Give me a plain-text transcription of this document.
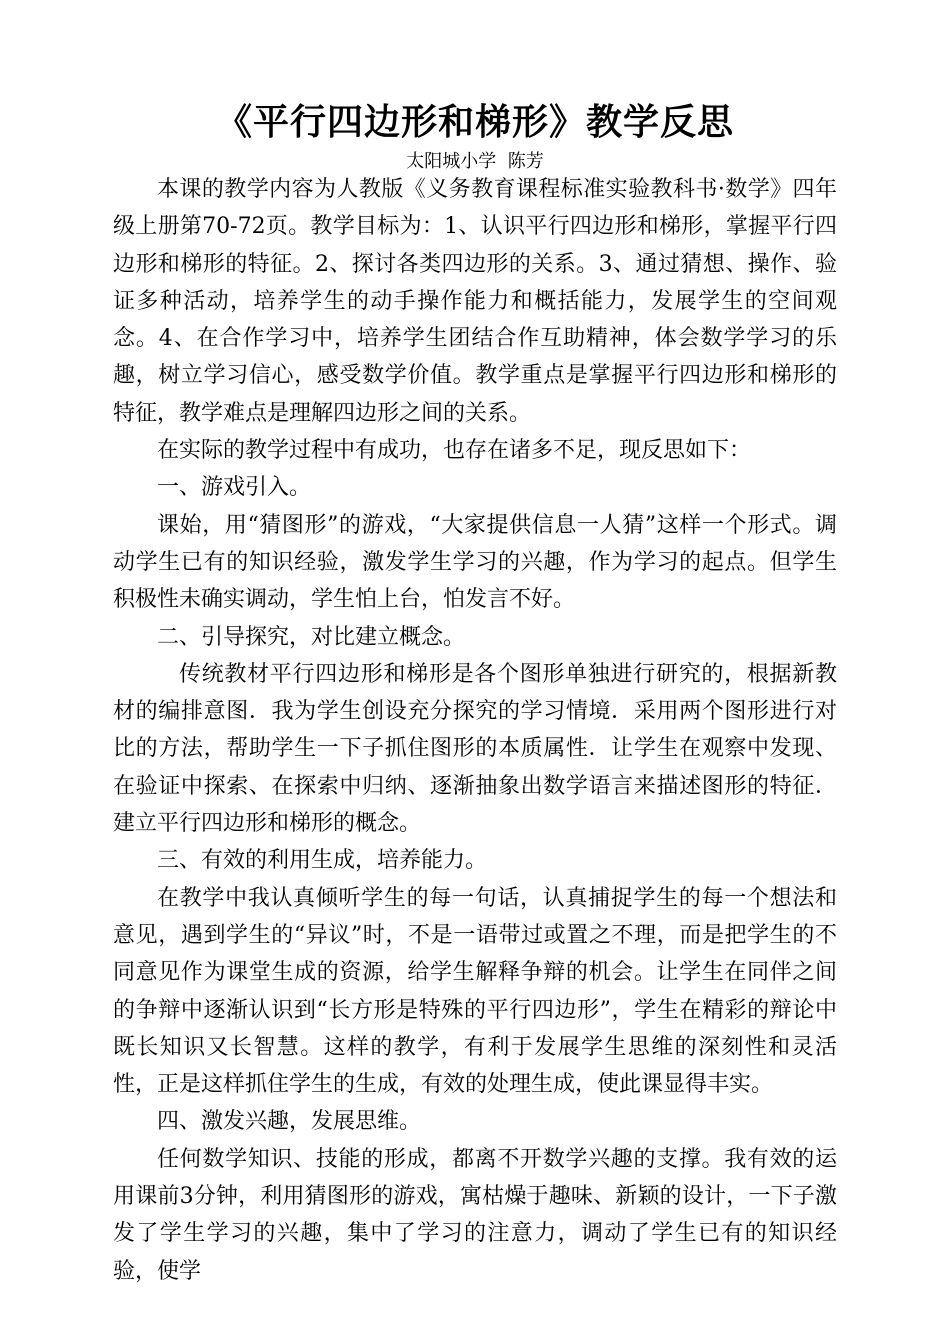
《平行四边形和梯形》教学反思
太阳城小学  陈芳

本课的教学内容为人教版《义务教育课程标准实验教科书·数学》四年级上册第70-72页。教学目标为：1、认识平行四边形和梯形，掌握平行四边形和梯形的特征。2、探讨各类四边形的关系。3、通过猜想、操作、验证多种活动，培养学生的动手操作能力和概括能力，发展学生的空间观念。4、在合作学习中，培养学生团结合作互助精神，体会数学学习的乐趣，树立学习信心，感受数学价值。教学重点是掌握平行四边形和梯形的特征，教学难点是理解四边形之间的关系。

在实际的教学过程中有成功，也存在诸多不足，现反思如下：

一、游戏引入。

课始，用“猜图形”的游戏，“大家提供信息一人猜”这样一个形式。调动学生已有的知识经验，激发学生学习的兴趣，作为学习的起点。但学生积极性未确实调动，学生怕上台，怕发言不好。

二、引导探究，对比建立概念。

传统教材平行四边形和梯形是各个图形单独进行研究的，根据新教材的编排意图．我为学生创设充分探究的学习情境．采用两个图形进行对比的方法，帮助学生一下子抓住图形的本质属性．让学生在观察中发现、在验证中探索、在探索中归纳、逐渐抽象出数学语言来描述图形的特征．建立平行四边形和梯形的概念。

三、有效的利用生成，培养能力。

在教学中我认真倾听学生的每一句话，认真捕捉学生的每一个想法和意见，遇到学生的“异议”时，不是一语带过或置之不理，而是把学生的不同意见作为课堂生成的资源，给学生解释争辩的机会。让学生在同伴之间的争辩中逐渐认识到“长方形是特殊的平行四边形”，学生在精彩的辩论中既长知识又长智慧。这样的教学，有利于发展学生思维的深刻性和灵活性，正是这样抓住学生的生成，有效的处理生成，使此课显得丰实。

四、激发兴趣，发展思维。

任何数学知识、技能的形成，都离不开数学兴趣的支撑。我有效的运用课前3分钟，利用猜图形的游戏，寓枯燥于趣味、新颖的设计，一下子激发了学生学习的兴趣，集中了学习的注意力，调动了学生已有的知识经验，使学
